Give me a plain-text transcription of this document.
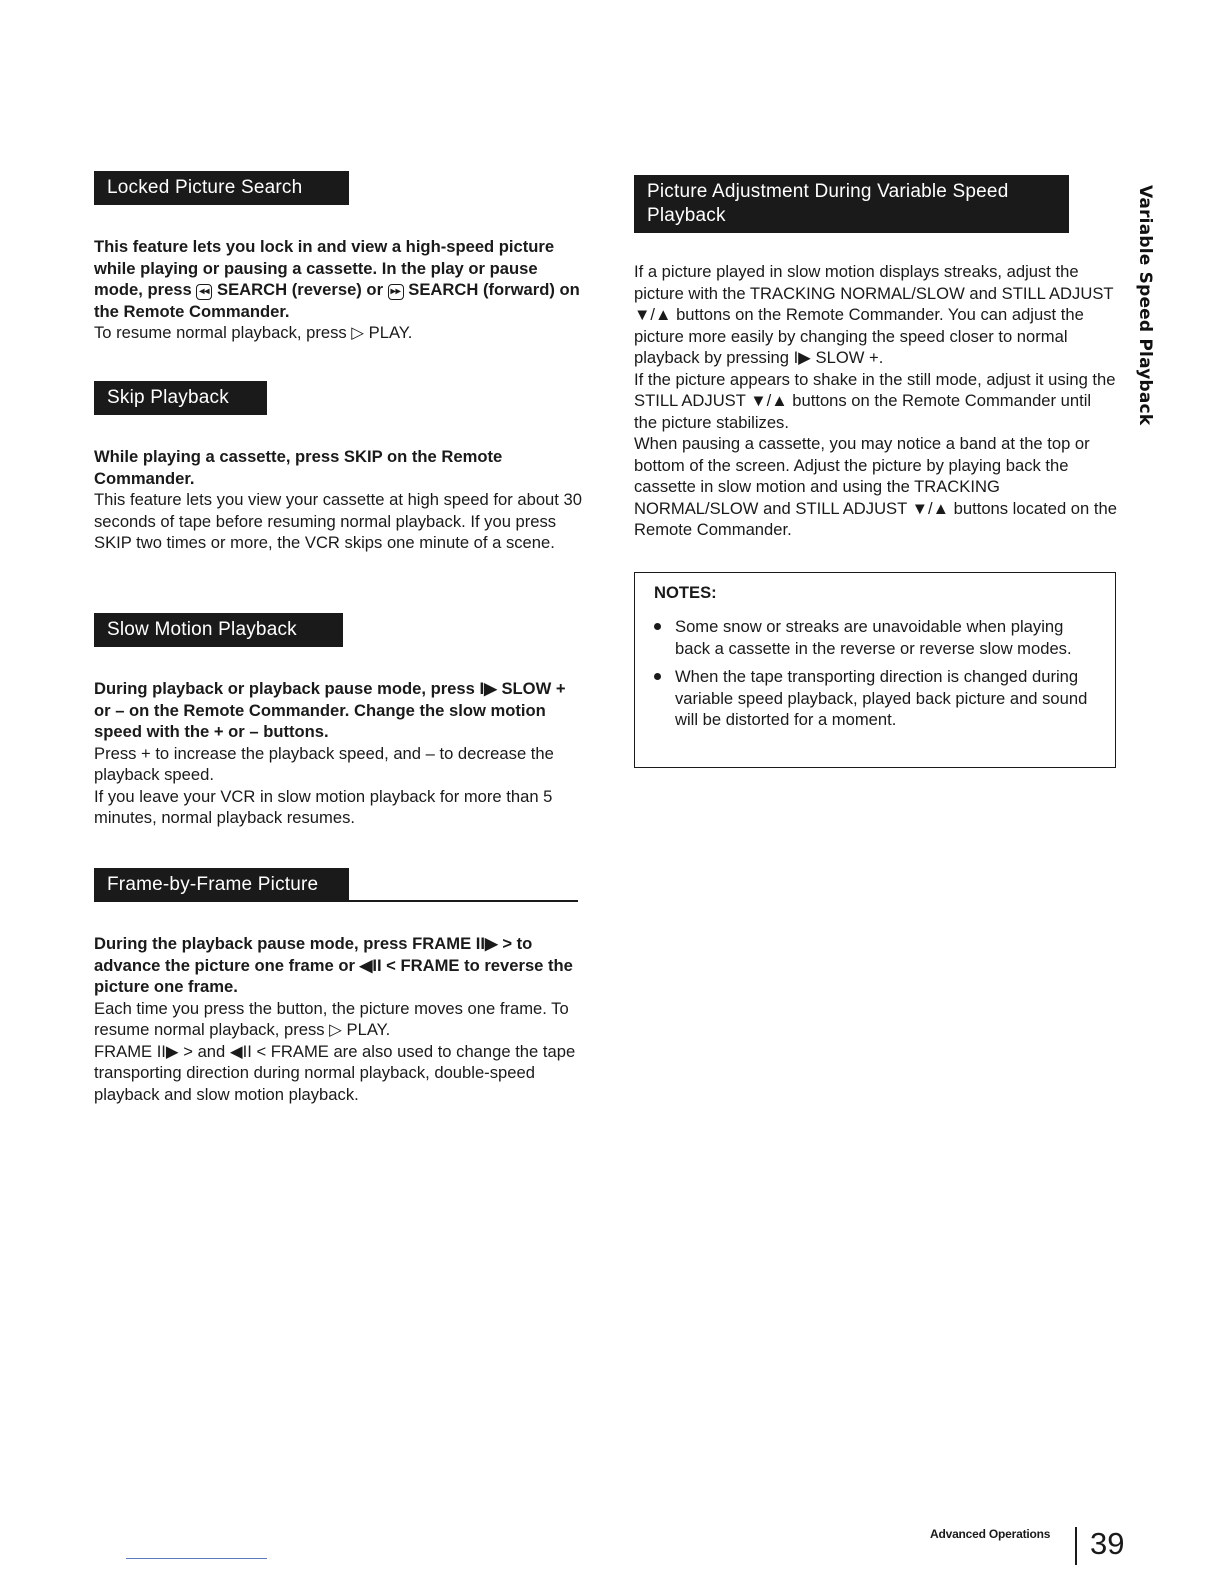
Locked Picture Search

This feature lets you lock in and view a high-speed picture while playing or pausing a cassette. In the play or pause mode, press ◂◂ SEARCH (reverse) or ▸▸ SEARCH (forward) on the Remote Commander.

To resume normal playback, press ▷ PLAY.

Skip Playback

While playing a cassette, press SKIP on the Remote Commander.

This feature lets you view your cassette at high speed for about 30 seconds of tape before resuming normal playback. If you press SKIP two times or more, the VCR skips one minute of a scene.

Slow Motion Playback

During playback or playback pause mode, press I▶ SLOW + or – on the Remote Commander. Change the slow motion speed with the + or – buttons.

Press + to increase the playback speed, and – to decrease the playback speed.

If you leave your VCR in slow motion playback for more than 5 minutes, normal playback resumes.

Frame-by-Frame Picture

During the playback pause mode, press FRAME II▶ > to advance the picture one frame or ◀II < FRAME to reverse the picture one frame.

Each time you press the button, the picture moves one frame. To resume normal playback, press ▷ PLAY.

FRAME II▶ > and ◀II < FRAME are also used to change the tape transporting direction during normal playback, double-speed playback and slow motion playback.

Picture Adjustment During Variable Speed Playback

If a picture played in slow motion displays streaks, adjust the picture with the TRACKING NORMAL/SLOW and STILL ADJUST ▼/▲ buttons on the Remote Commander. You can adjust the picture more easily by changing the speed closer to normal playback by pressing I▶ SLOW +.

If the picture appears to shake in the still mode, adjust it using the STILL ADJUST ▼/▲ buttons on the Remote Commander until the picture stabilizes.

When pausing a cassette, you may notice a band at the top or bottom of the screen. Adjust the picture by playing back the cassette in slow motion and using the TRACKING NORMAL/SLOW and STILL ADJUST ▼/▲ buttons located on the Remote Commander.

NOTES:

Some snow or streaks are unavoidable when playing back a cassette in the reverse or reverse slow modes.
When the tape transporting direction is changed during variable speed playback, played back picture and sound will be distorted for a moment.
Variable Speed Playback
Advanced Operations 39
